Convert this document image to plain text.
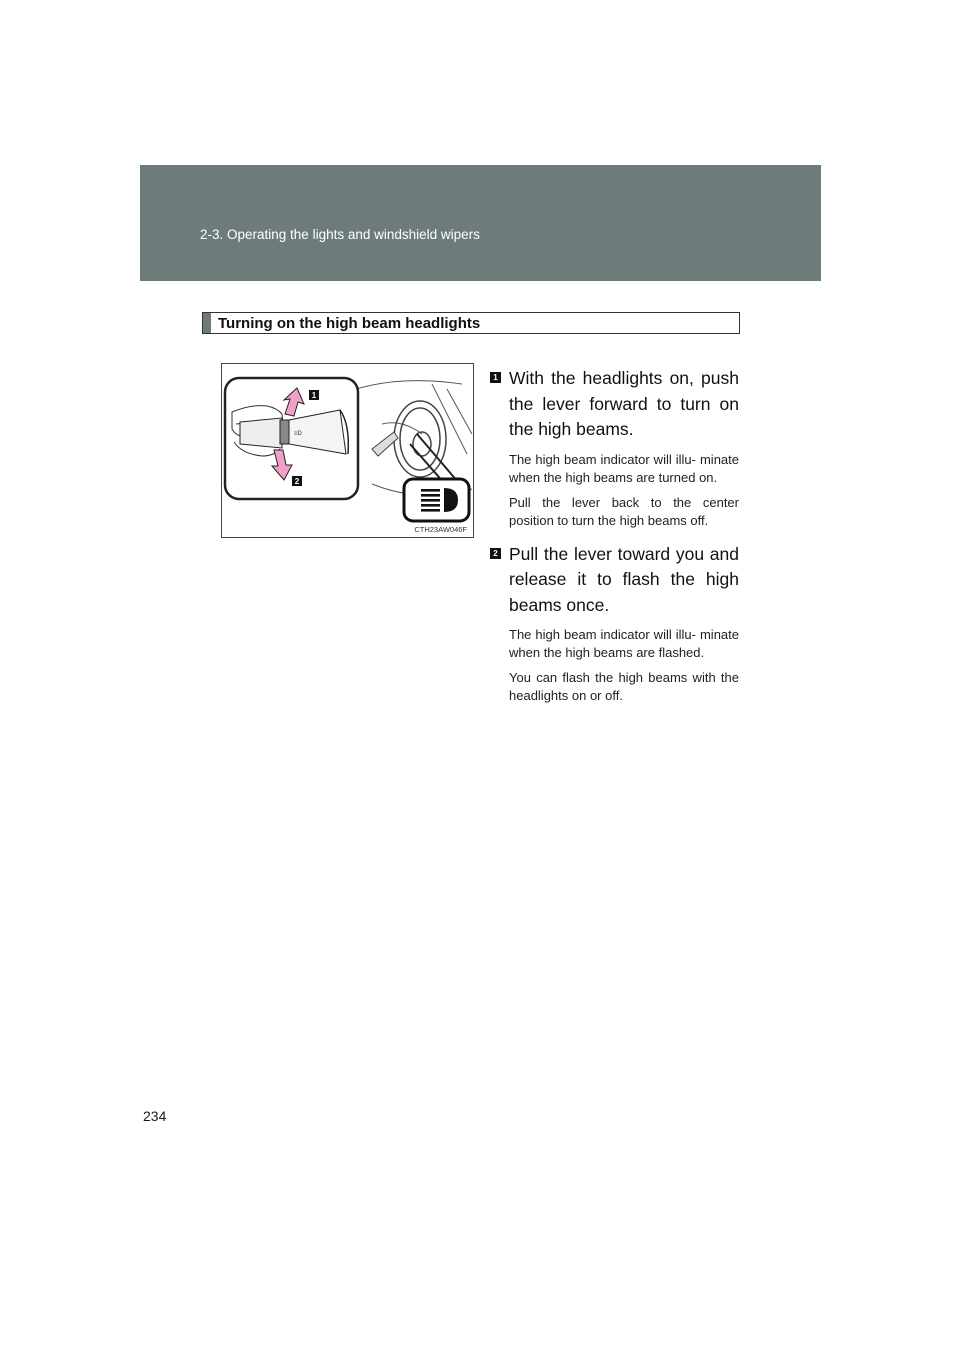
2-3. Operating the lights and windshield wipers
Turning on the high beam headlights
≡D
1
2
CTH23AW046F
1 With the headlights on, push the lever forward to turn on the high beams.
The high beam indicator will illu- minate when the high beams are turned on.
Pull the lever back to the center position to turn the high beams off.
2 Pull the lever toward you and release it to flash the high beams once.
The high beam indicator will illu- minate when the high beams are flashed.
You can flash the high beams with the headlights on or off.
234
